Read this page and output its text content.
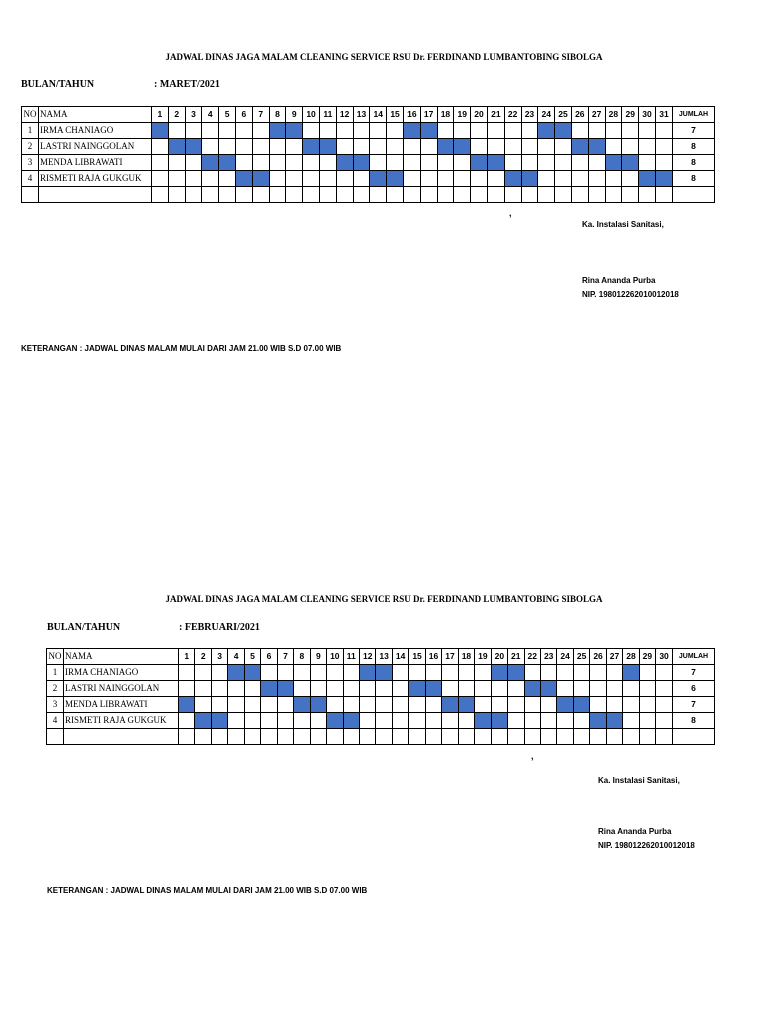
JADWAL DINAS JAGA MALAM CLEANING SERVICE RSU Dr. FERDINAND LUMBANTOBING SIBOLGA
BULAN/TAHUN	: MARET/2021
NO	NAMA	1	2	3	4	5	6	7	8	9	10	11	12	13	14	15	16	17	18	19	20	21	22	23	24	25	26	27	28	29	30	31	JUMLAH
1	IRMA CHANIAGO																																7
2	LASTRI NAINGGOLAN																																8
3	MENDA LIBRAWATI																																8
4	RISMETI RAJA GUKGUK																																8

,
Ka. Instalasi Sanitasi,
Rina Ananda Purba
NIP. 198012262010012018
KETERANGAN : JADWAL DINAS MALAM MULAI DARI JAM 21.00 WIB S.D 07.00 WIB
JADWAL DINAS JAGA MALAM CLEANING SERVICE RSU Dr. FERDINAND LUMBANTOBING SIBOLGA
BULAN/TAHUN	: FEBRUARI/2021
NO	NAMA	1	2	3	4	5	6	7	8	9	10	11	12	13	14	15	16	17	18	19	20	21	22	23	24	25	26	27	28	29	30	JUMLAH
1	IRMA CHANIAGO																															7
2	LASTRI NAINGGOLAN																															6
3	MENDA LIBRAWATI																															7
4	RISMETI RAJA GUKGUK																															8

,
Ka. Instalasi Sanitasi,
Rina Ananda Purba
NIP. 198012262010012018
KETERANGAN : JADWAL DINAS MALAM MULAI DARI JAM 21.00 WIB S.D 07.00 WIB
